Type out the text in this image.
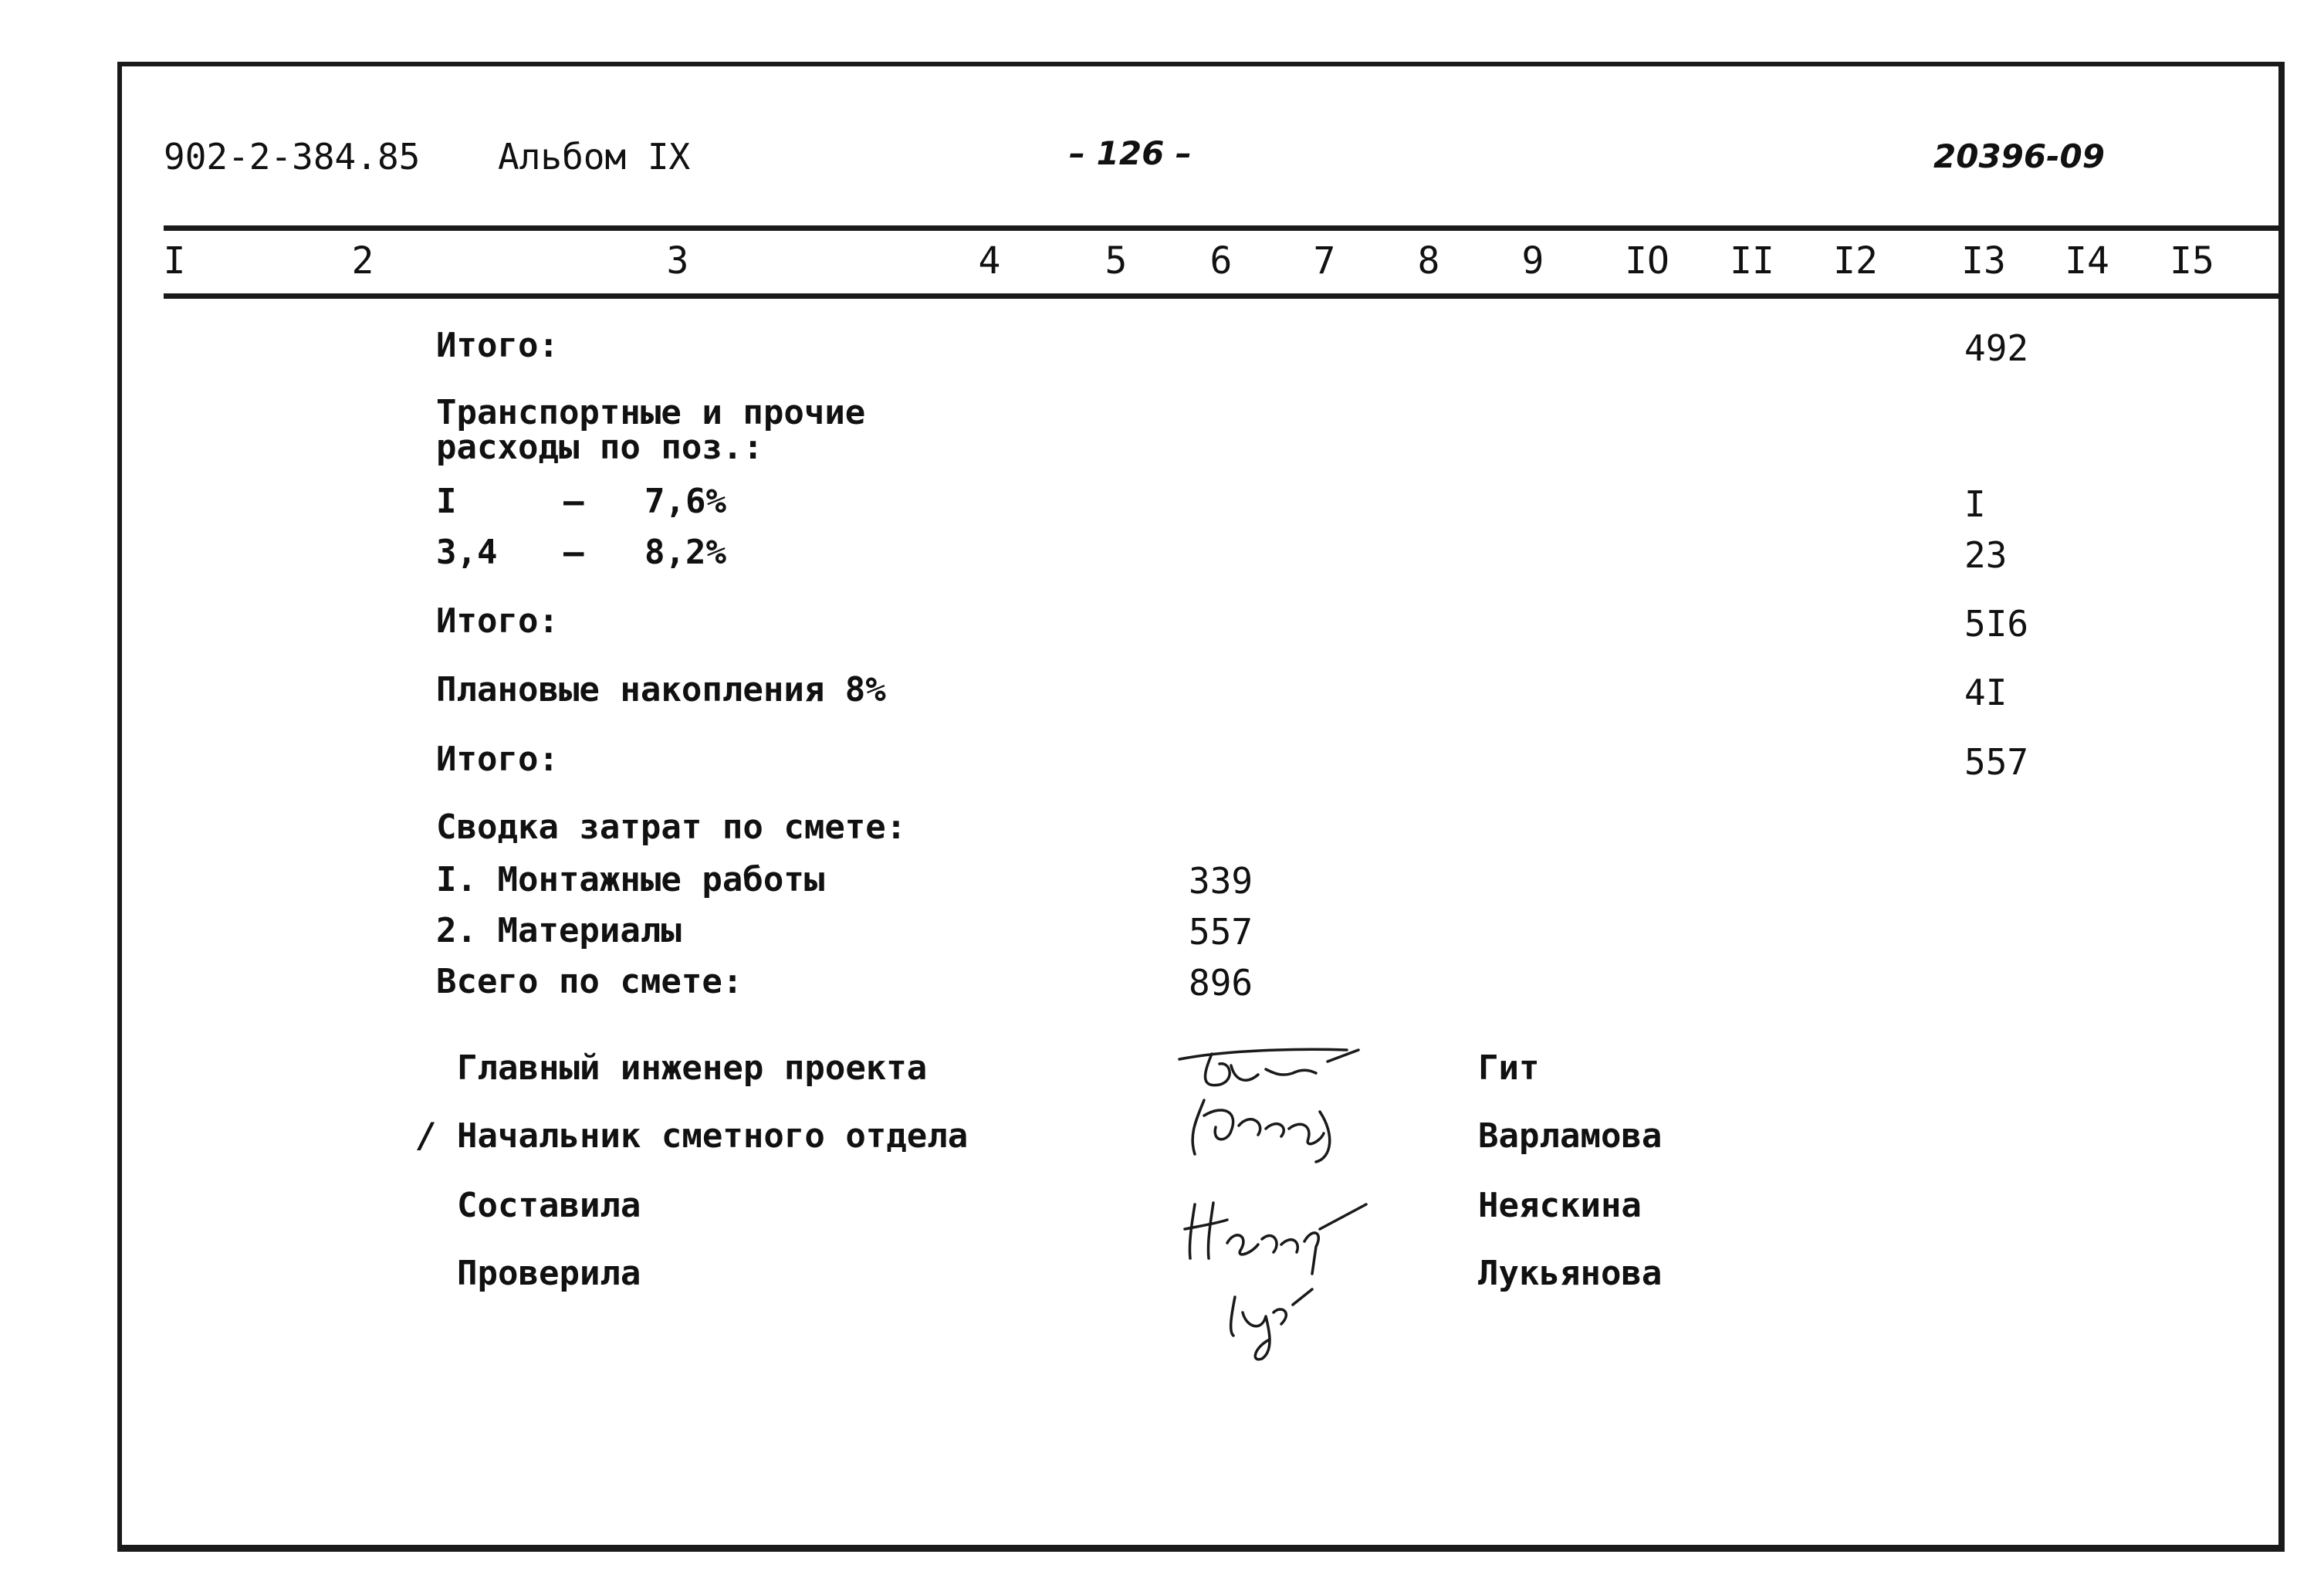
902-2-384.85 Альбом IX	– 126 –	20396-09
I	2	3	4	5 6 7 8 9 IO II I2 I3 I4 I5
Итого:	492
Транспортные и прочие
расходы по поз.:
I	– 7,6%	I
3,4 – 8,2%	23
Итого:	5I6
Плановые накопления 8%	4I
Итого:	557
Сводка затрат по смете:
I. Монтажные работы	339
2. Материалы	557
Всего по смете:	896
Главный инженер проекта	Гит
/ Начальник сметного отдела	Варламова
Составила	Неяскина
Проверила	Лукьянова
